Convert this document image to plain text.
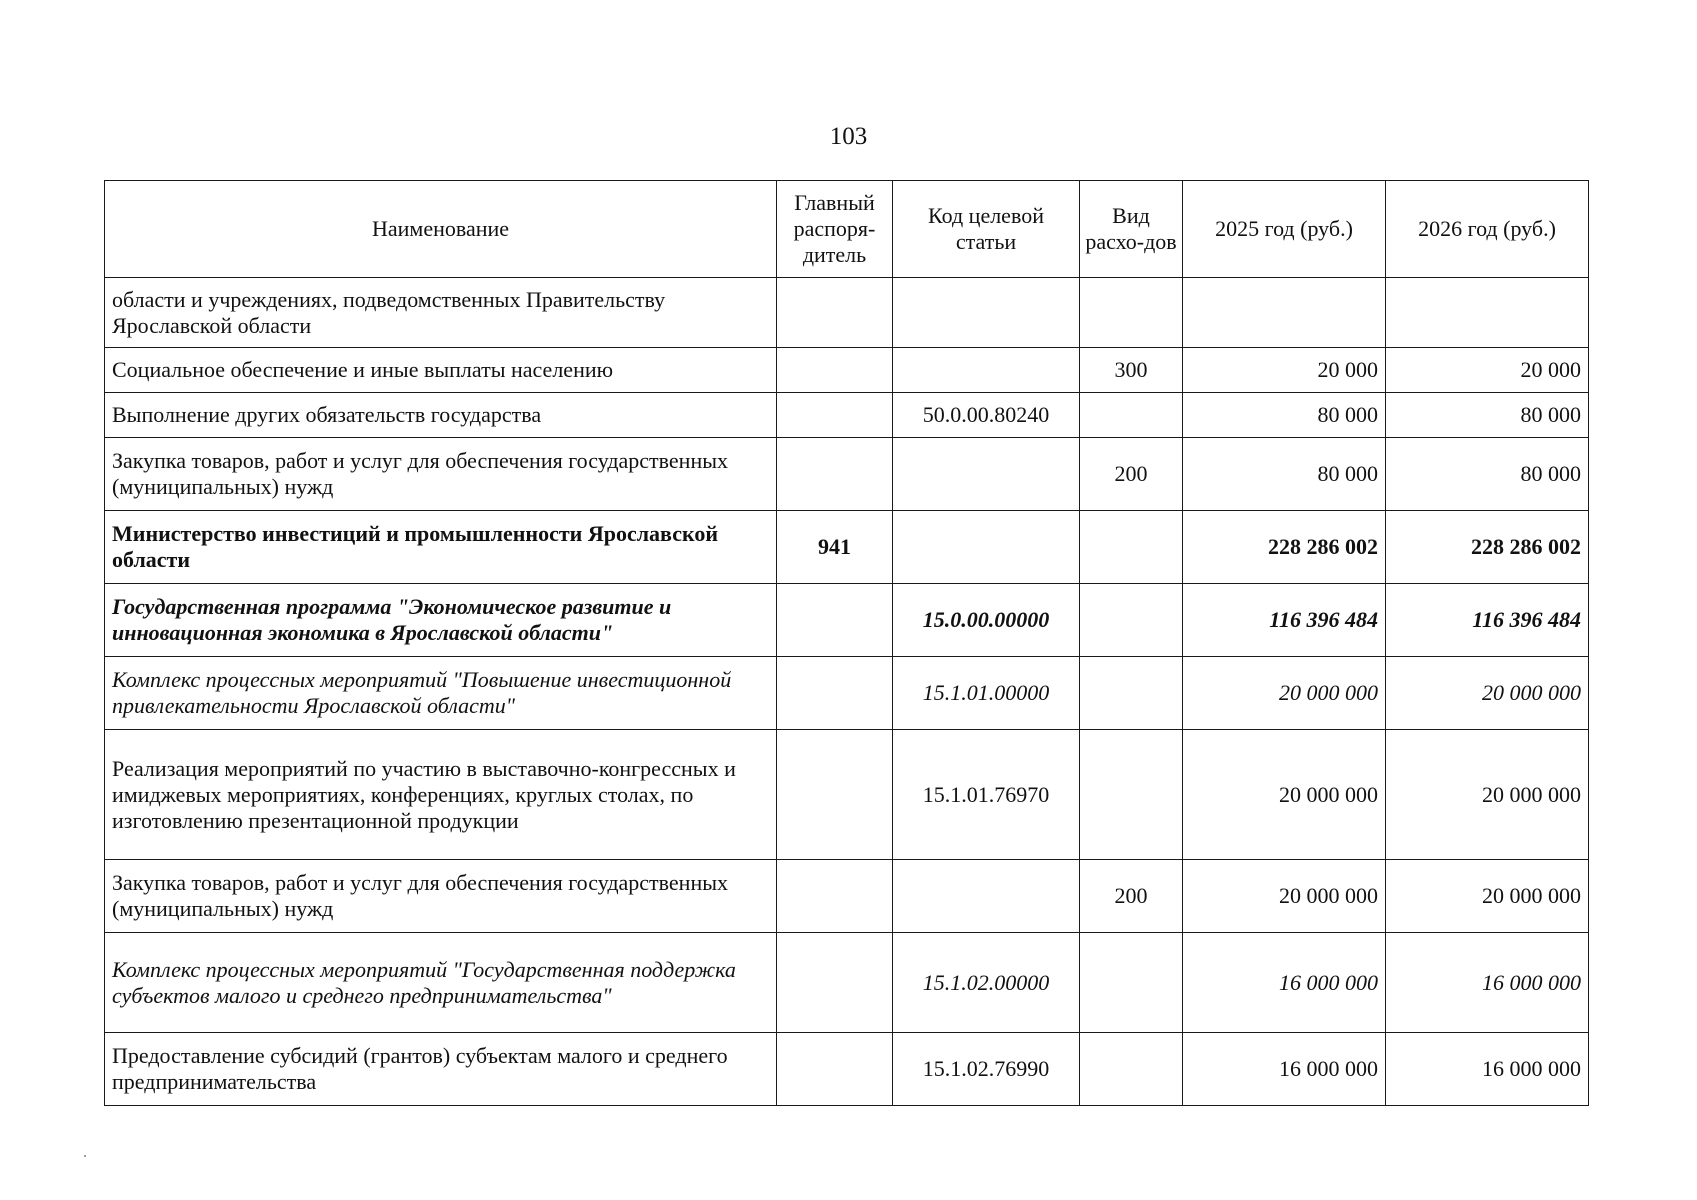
103
Наименование	Главный распоря-дитель	Код целевой статьи	Вид расхо-дов	2025 год (руб.)	2026 год (руб.)
области и учреждениях, подведомственных Правительству Ярославской области					
Социальное обеспечение и иные выплаты населению			300	20 000	20 000
Выполнение других обязательств государства		50.0.00.80240		80 000	80 000
Закупка товаров, работ и услуг для обеспечения государственных (муниципальных) нужд			200	80 000	80 000
Министерство инвестиций и промышленности Ярославской области	941			228 286 002	228 286 002
Государственная программа "Экономическое развитие и инновационная экономика в Ярославской области"		15.0.00.00000		116 396 484	116 396 484
Комплекс процессных мероприятий "Повышение инвестиционной привлекательности Ярославской области"		15.1.01.00000		20 000 000	20 000 000
Реализация мероприятий по участию в выставочно-конгрессных и имиджевых мероприятиях, конференциях, круглых столах, по изготовлению презентационной продукции		15.1.01.76970		20 000 000	20 000 000
Закупка товаров, работ и услуг для обеспечения государственных (муниципальных) нужд			200	20 000 000	20 000 000
Комплекс процессных мероприятий "Государственная поддержка субъектов малого и среднего предпринимательства"		15.1.02.00000		16 000 000	16 000 000
Предоставление субсидий (грантов) субъектам малого и среднего предпринимательства		15.1.02.76990		16 000 000	16 000 000
